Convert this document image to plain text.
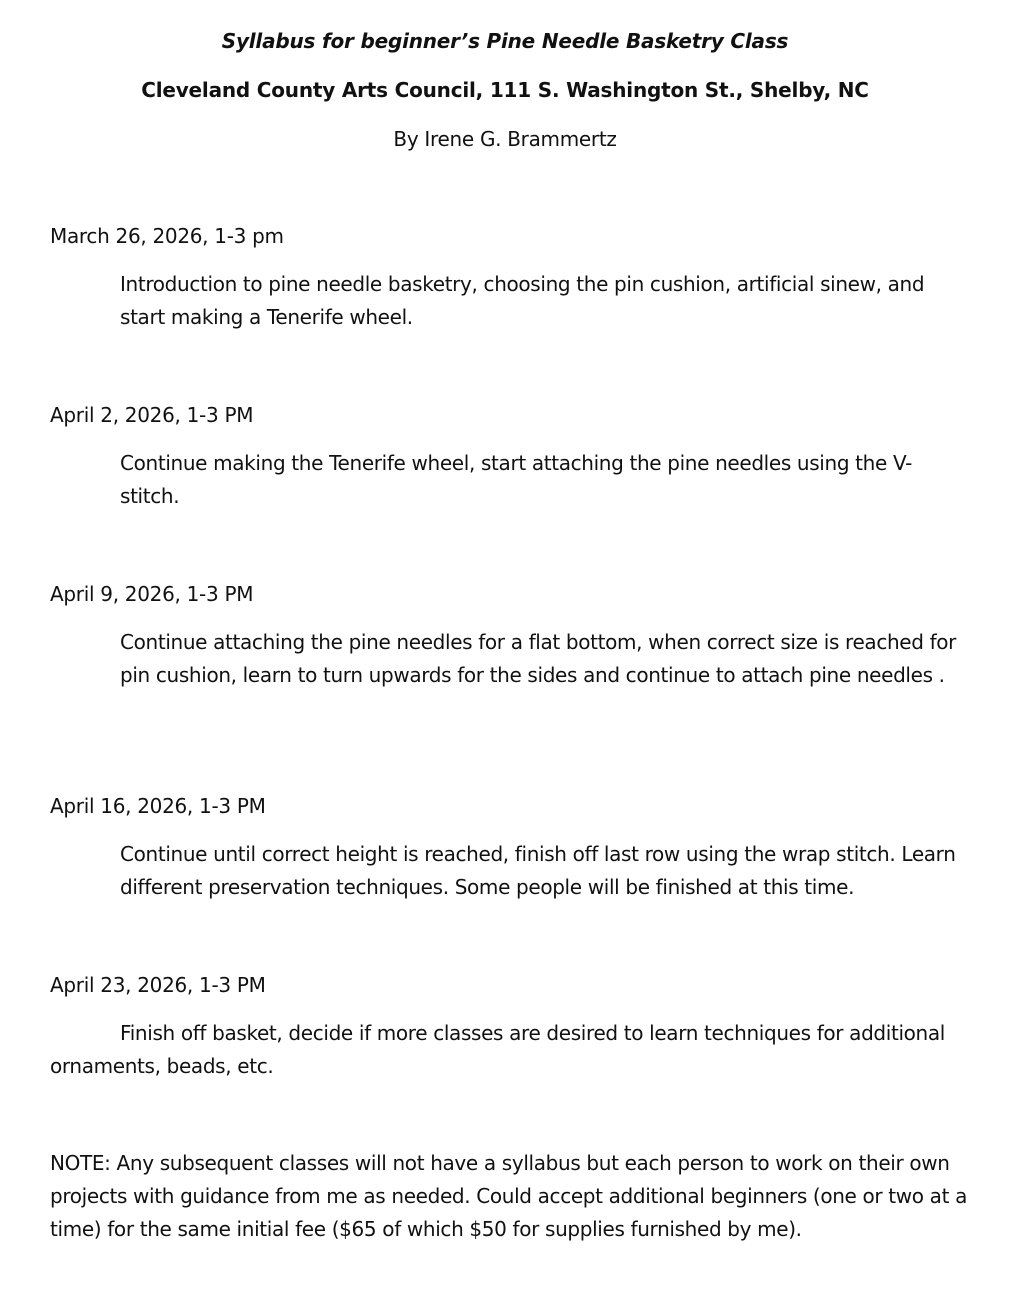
Syllabus for beginner’s Pine Needle Basketry Class
Cleveland County Arts Council, 111 S. Washington St., Shelby, NC
By Irene G. Brammertz
March 26, 2026, 1-3 pm
Introduction to pine needle basketry, choosing the pin cushion, artificial sinew, and start making a Tenerife wheel.
April 2, 2026, 1-3 PM
Continue making the Tenerife wheel, start attaching the pine needles using the V-stitch.
April 9, 2026, 1-3 PM
Continue attaching the pine needles for a flat bottom, when correct size is reached for pin cushion, learn to turn upwards for the sides and continue to attach pine needles .
April 16, 2026, 1-3 PM
Continue until correct height is reached, finish off last row using the wrap stitch. Learn different preservation techniques. Some people will be finished at this time.
April 23, 2026, 1-3 PM
Finish off basket, decide if more classes are desired to learn techniques for additional ornaments, beads, etc.
NOTE: Any subsequent classes will not have a syllabus but each person to work on their own projects with guidance from me as needed. Could accept additional beginners (one or two at a time) for the same initial fee ($65 of which $50 for supplies furnished by me).
